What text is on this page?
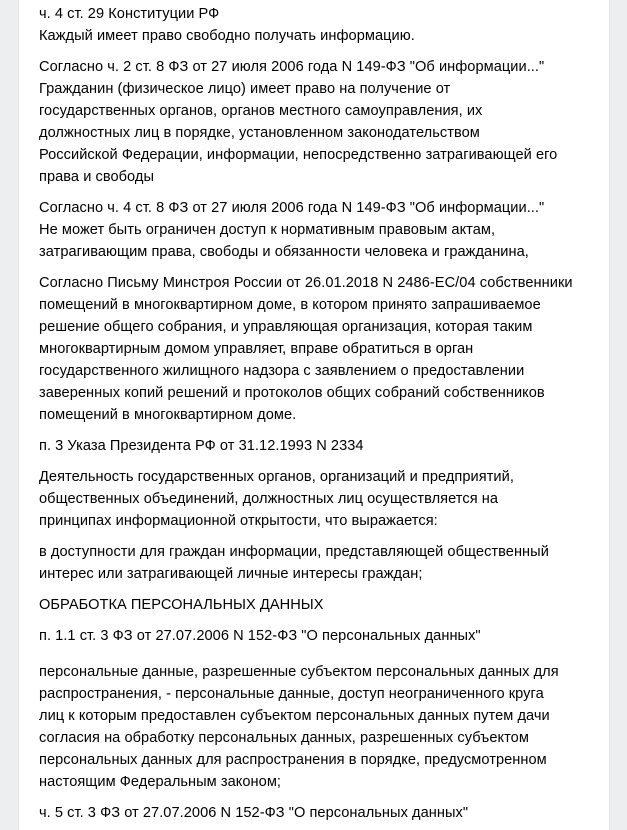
ч. 4 ст. 29 Конституции РФ
Каждый имеет право свободно получать информацию.
Согласно ч. 2 ст. 8 ФЗ от 27 июля 2006 года N 149-ФЗ "Об информации..."
Гражданин (физическое лицо) имеет право на получение от
государственных органов, органов местного самоуправления, их
должностных лиц в порядке, установленном законодательством
Российской Федерации, информации, непосредственно затрагивающей его
права и свободы
Согласно ч. 4 ст. 8 ФЗ от 27 июля 2006 года N 149-ФЗ "Об информации..."
Не может быть ограничен доступ к нормативным правовым актам,
затрагивающим права, свободы и обязанности человека и гражданина,
Согласно Письму Минстроя России от 26.01.2018 N 2486-ЕС/04 собственники
помещений в многоквартирном доме, в котором принято запрашиваемое
решение общего собрания, и управляющая организация, которая таким
многоквартирным домом управляет, вправе обратиться в орган
государственного жилищного надзора с заявлением о предоставлении
заверенных копий решений и протоколов общих собраний собственников
помещений в многоквартирном доме.
п. 3 Указа Президента РФ от 31.12.1993 N 2334
Деятельность государственных органов, организаций и предприятий,
общественных объединений, должностных лиц осуществляется на
принципах информационной открытости, что выражается:
в доступности для граждан информации, представляющей общественный
интерес или затрагивающей личные интересы граждан;
ОБРАБОТКА ПЕРСОНАЛЬНЫХ ДАННЫХ
п. 1.1 ст. 3 ФЗ от 27.07.2006 N 152-ФЗ "О персональных данных"
персональные данные, разрешенные субъектом персональных данных для
распространения, - персональные данные, доступ неограниченного круга
лиц к которым предоставлен субъектом персональных данных путем дачи
согласия на обработку персональных данных, разрешенных субъектом
персональных данных для распространения в порядке, предусмотренном
настоящим Федеральным законом;
ч. 5 ст. 3 ФЗ от 27.07.2006 N 152-ФЗ "О персональных данных"
